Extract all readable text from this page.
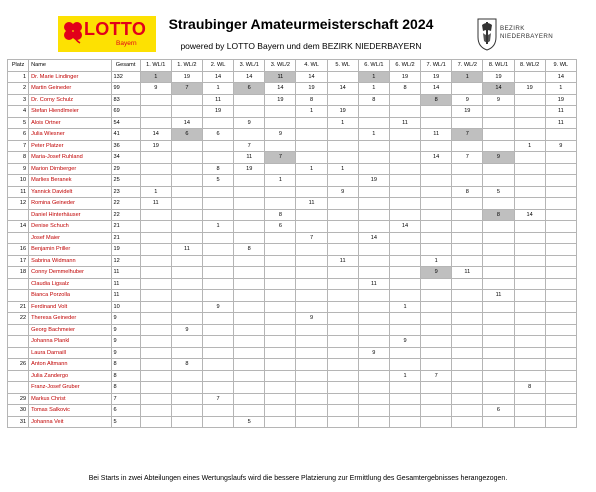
LOTTO
Bayern
Straubinger Amateurmeisterschaft 2024
powered by LOTTO Bayern und dem BEZIRK NIEDERBAYERN
BEZIRK
NIEDERBAYERN
Platz	Name	Gesamt	1. WL/1	1. WL/2	2. WL	3. WL/1	3. WL/2	4. WL	5. WL	6. WL/1	6. WL/2	7. WL/1	7. WL/2	8. WL/1	8. WL/2	9. WL
1	Dr. Marie Lindinger	132	1	19	14	14	11	14		1	19	19	1	19		14
2	Martin Geineder	99	9	7	1	6	14	19	14	1	8	14		14	19	1
3	Dr. Corny Schulz	83			11		19	8		8		8	9	9		19
4	Stefan Hiendlmeier	69			19			1	19				19			11
5	Alois Ortner	54		14		9			1		11					11
6	Julia Wiesner	41	14	6	6		9			1		11	7			
7	Peter Platzer	36	19			7									1	9
8	Maria-Josef Ruhland	34				11	7					14	7	9		
9	Marion Dirnberger	29			8	19		1	1							
10	Marlies Beranek	25			5		1			19						
11	Yannick Davidelt	23	1						9				8	5		
12	Romina Geineder	22	11					11								
	Daniel Hinterhäuser	22					8							8	14	
14	Denise Schuch	21			1		6				14					
	Josef Maier	21						7		14						
16	Benjamin Priller	19		11		8										
17	Sabrina Widmann	12							11			1				
18	Conny Demmelhuber	11										9	11			
	Claudia Ligsalz	11								11						
	Bianca Porzolla	11												11		
21	Ferdinand Volt	10			9						1					
22	Theresa Geineder	9						9								
	Georg Bachmeier	9		9												
	Johanna Plankl	9									9					
	Laura Darnaill	9								9						
26	Anton Altmann	8		8												
	Julia Zandergo	8									1	7				
	Franz-Josef Gruber	8													8	
29	Markus Christ	7			7											
30	Tomas Salkovic	6												6		
31	Johanna Veit	5				5										
Bei Starts in zwei Abteilungen eines Wertungslaufs wird die bessere Platzierung zur Ermittlung des Gesamtergebnisses herangezogen.
